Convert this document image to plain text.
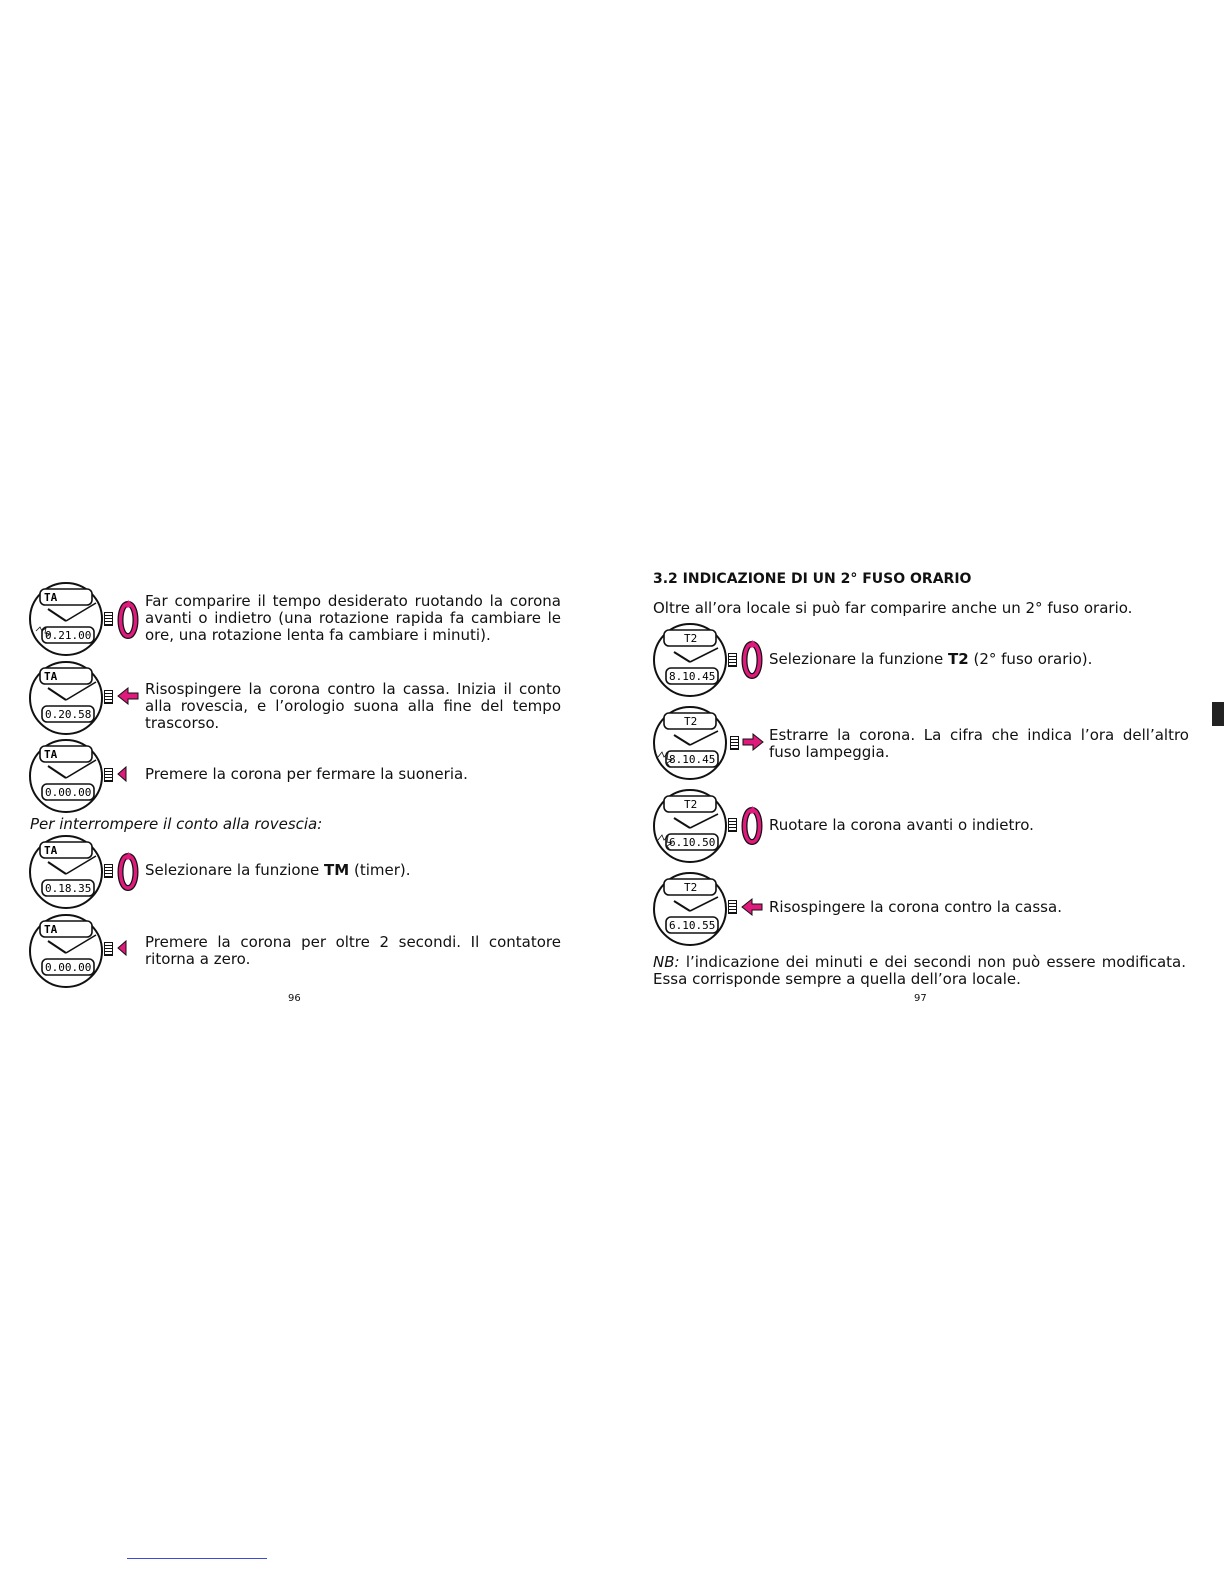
TA
0.21.00
Far comparire il tempo desiderato ruotando la corona avanti o indietro (una rotazione rapida fa cambiare le ore, una rotazione lenta fa cambiare i minuti).
TA
0.20.58
Risospingere la corona contro la cassa. Inizia il conto alla rovescia, e l’orologio suona alla fine del tempo trascorso.
TA
0.00.00
Premere la corona per fermare la suoneria.
Per interrompere il conto alla rovescia:
TA
0.18.35
Selezionare la funzione TM (timer).
TA
0.00.00
Premere la corona per oltre 2 secondi. Il contatore ritorna a zero.
96
3.2 INDICAZIONE DI UN 2° FUSO ORARIO
Oltre all’ora locale si può far comparire anche un 2° fuso orario.
T2
8.10.45
Selezionare la funzione T2 (2° fuso orario).
T2
8.10.45
Estrarre la corona. La cifra che indica l’ora dell’altro fuso lampeggia.
T2
6.10.50
Ruotare la corona avanti o indietro.
T2
6.10.55
Risospingere la corona contro la cassa.
NB: l’indicazione dei minuti e dei secondi non può essere modificata. Essa corrisponde sempre a quella dell’ora locale.
97
